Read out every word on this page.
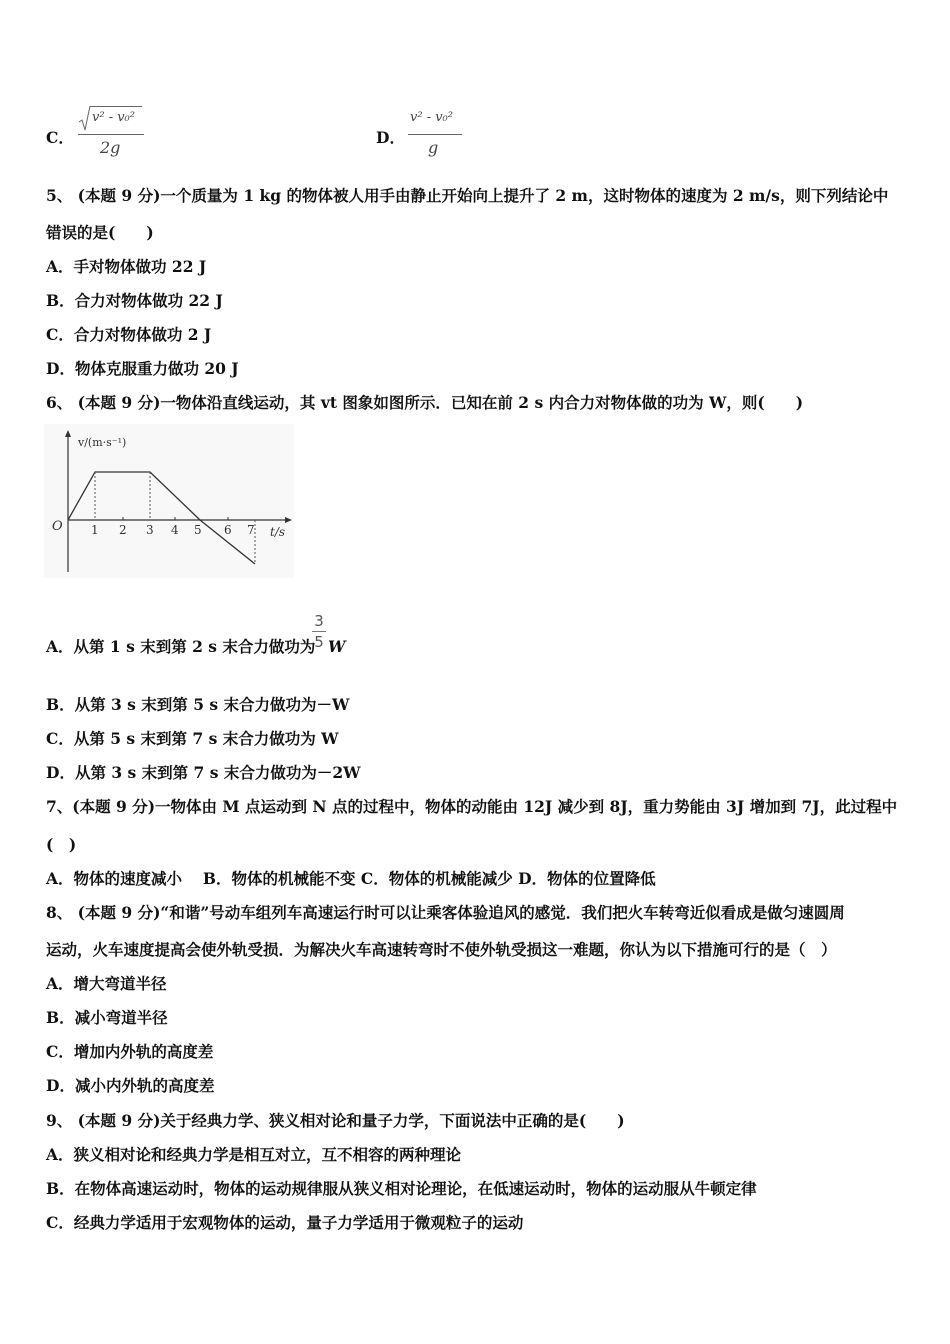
C．
v² - v₀²
2g
D．
v² - v₀²
g
5、 (本题 9 分)一个质量为 1 kg 的物体被人用手由静止开始向上提升了 2 m，这时物体的速度为 2 m/s，则下列结论中
错误的是(　　)
A．手对物体做功 22 J
B．合力对物体做功 22 J
C．合力对物体做功 2 J
D．物体克服重力做功 20 J
6、 (本题 9 分)一物体沿直线运动，其 vt 图象如图所示．已知在前 2 s 内合力对物体做的功为 W，则(　　)
v/(m·s⁻¹)
O	t/s
1 2 3 4 5 6 7
A．从第 1 s 末到第 2 s 末合力做功为
3
5 W
B．从第 3 s 末到第 5 s 末合力做功为－W
C．从第 5 s 末到第 7 s 末合力做功为 W
D．从第 3 s 末到第 7 s 末合力做功为－2W
7、(本题 9 分)一物体由 M 点运动到 N 点的过程中，物体的动能由 12J 减少到 8J，重力势能由 3J 增加到 7J，此过程中
(　)
A．物体的速度减小　 B．物体的机械能不变 C．物体的机械能减少 D．物体的位置降低
8、 (本题 9 分)“和谐”号动车组列车高速运行时可以让乘客体验追风的感觉．我们把火车转弯近似看成是做匀速圆周
运动，火车速度提高会使外轨受损．为解决火车高速转弯时不使外轨受损这一难题，你认为以下措施可行的是（　）
A．增大弯道半径
B．减小弯道半径
C．增加内外轨的高度差
D．减小内外轨的高度差
9、 (本题 9 分)关于经典力学、狭义相对论和量子力学，下面说法中正确的是(　　)
A．狭义相对论和经典力学是相互对立，互不相容的两种理论
B．在物体高速运动时，物体的运动规律服从狭义相对论理论，在低速运动时，物体的运动服从牛顿定律
C．经典力学适用于宏观物体的运动，量子力学适用于微观粒子的运动
